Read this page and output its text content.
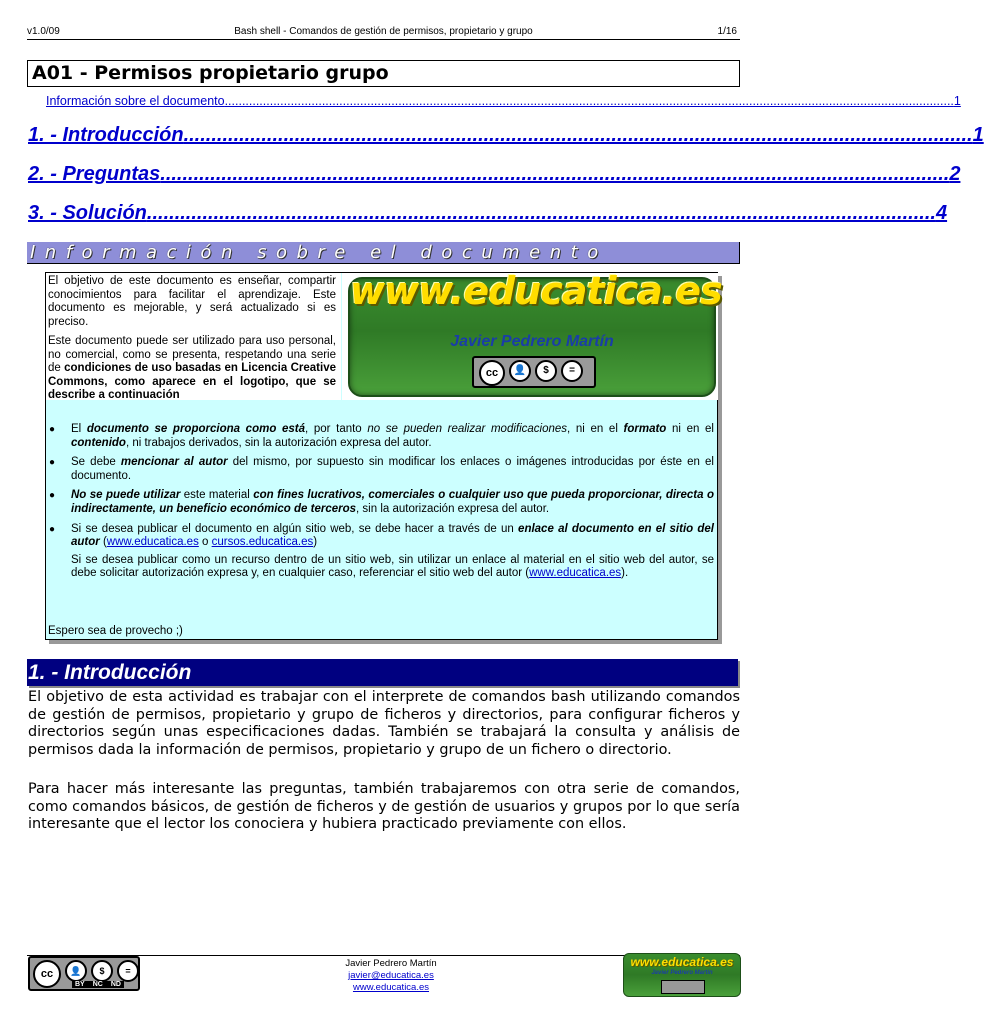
v1.0/09	Bash shell - Comandos de gestión de permisos, propietario y grupo	1/16
A01 - Permisos propietario grupo
Información sobre el documento .................................................................................................................................................................................................................. 1
1. - Introducción .............................................................................................................................................. 1
2. - Preguntas .............................................................................................................................................. 2
3. - Solución .............................................................................................................................................. 4
Información sobre el documento
El objetivo de este documento es enseñar, compartir conocimientos para facilitar el aprendizaje. Este documento es mejorable, y será actualizado si es preciso.
Este documento puede ser utilizado para uso personal, no comercial, como se presenta, respetando una serie de condiciones de uso basadas en Licencia Creative Commons, como aparece en el logotipo, que se describe a continuación
www.educatica.es
Javier Pedrero Martín
cc	👤	$	=
● El documento se proporciona como está, por tanto no se pueden realizar modificaciones, ni en el formato ni en el contenido, ni trabajos derivados, sin la autorización expresa del autor.
● Se debe mencionar al autor del mismo, por supuesto sin modificar los enlaces o imágenes introducidas por éste en el documento.
● No se puede utilizar este material con fines lucrativos, comerciales o cualquier uso que pueda proporcionar, directa o indirectamente, un beneficio económico de terceros, sin la autorización expresa del autor.
● Si se desea publicar el documento en algún sitio web, se debe hacer a través de un enlace al documento en el sitio del autor (www.educatica.es o cursos.educatica.es)
Si se desea publicar como un recurso dentro de un sitio web, sin utilizar un enlace al material en el sitio web del autor, se debe solicitar autorización expresa y, en cualquier caso, referenciar el sitio web del autor (www.educatica.es).
Espero sea de provecho ;)
1. - Introducción
El objetivo de esta actividad es trabajar con el interprete de comandos bash utilizando comandos de gestión de permisos, propietario y grupo de ficheros y directorios, para configurar ficheros y directorios según unas especificaciones dadas. También se trabajará la consulta y análisis de permisos dada la información de permisos, propietario y grupo de un fichero o directorio.
Para hacer más interesante las preguntas, también trabajaremos con otra serie de comandos, como comandos básicos, de gestión de ficheros y de gestión de usuarios y grupos por lo que sería interesante que el lector los conociera y hubiera practicado previamente con ellos.
cc	👤	$	=
BY NC ND
Javier Pedrero Martín
javier@educatica.es
www.educatica.es
www.educatica.es
Javier Pedrero Martín
